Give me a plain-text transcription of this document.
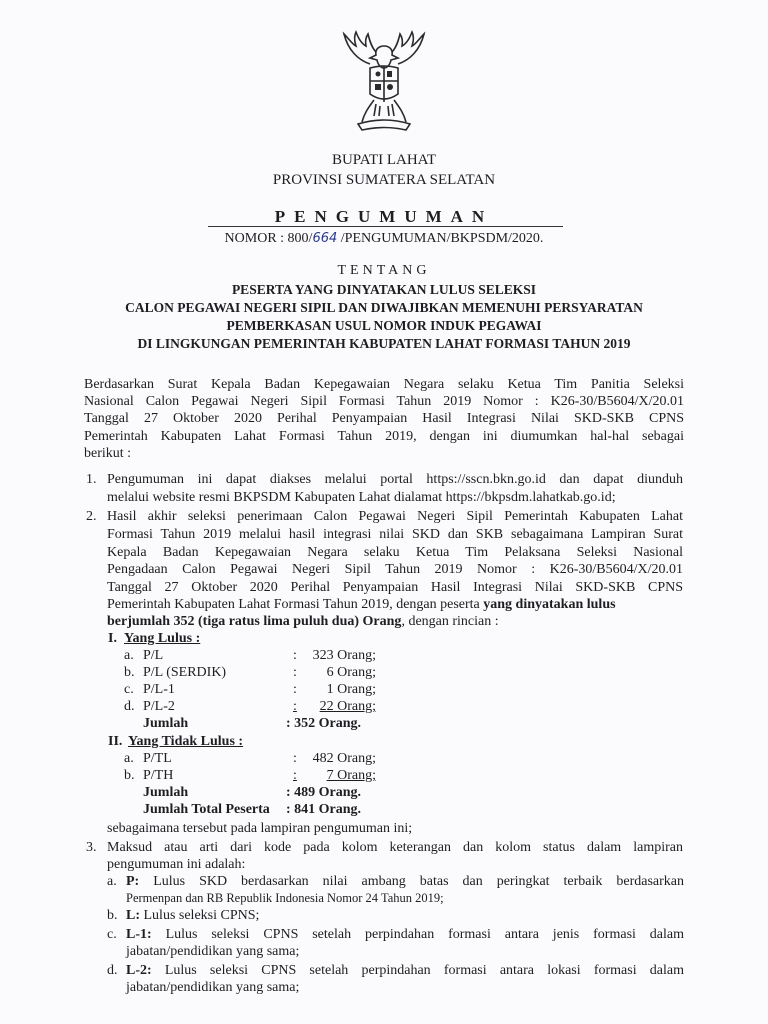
BUPATI LAHAT
PROVINSI SUMATERA SELATAN
PENGUMUMAN
NOMOR : 800/664 /PENGUMUMAN/BKPSDM/2020.
TENTANG
PESERTA YANG DINYATAKAN LULUS SELEKSI
CALON PEGAWAI NEGERI SIPIL DAN DIWAJIBKAN MEMENUHI PERSYARATAN
PEMBERKASAN USUL NOMOR INDUK PEGAWAI
DI LINGKUNGAN PEMERINTAH KABUPATEN LAHAT FORMASI TAHUN 2019
Berdasarkan Surat Kepala Badan Kepegawaian Negara selaku Ketua Tim Panitia Seleksi
Nasional Calon Pegawai Negeri Sipil Formasi Tahun 2019 Nomor : K26-30/B5604/X/20.01
Tanggal 27 Oktober 2020 Perihal Penyampaian Hasil Integrasi Nilai SKD-SKB CPNS
Pemerintah Kabupaten Lahat Formasi Tahun 2019, dengan ini diumumkan hal-hal sebagai
berikut :
1. Pengumuman ini dapat diakses melalui portal https://sscn.bkn.go.id dan dapat diunduh
melalui website resmi BKPSDM Kabupaten Lahat dialamat https://bkpsdm.lahatkab.go.id;
2. Hasil akhir seleksi penerimaan Calon Pegawai Negeri Sipil Pemerintah Kabupaten Lahat
Formasi Tahun 2019 melalui hasil integrasi nilai SKD dan SKB sebagaimana Lampiran Surat
Kepala Badan Kepegawaian Negara selaku Ketua Tim Pelaksana Seleksi Nasional
Pengadaan Calon Pegawai Negeri Sipil Tahun 2019 Nomor : K26-30/B5604/X/20.01
Tanggal 27 Oktober 2020 Perihal Penyampaian Hasil Integrasi Nilai SKD-SKB CPNS
Pemerintah Kabupaten Lahat Formasi Tahun 2019, dengan peserta yang dinyatakan lulus
berjumlah 352 (tiga ratus lima puluh dua) Orang, dengan rincian :
I. Yang Lulus :
a. P/L	:	323 Orang;
b. P/L (SERDIK)	:	6 Orang;
c. P/L-1	:	1 Orang;
d. P/L-2	:	22 Orang;
Jumlah	: 352 Orang.
II. Yang Tidak Lulus :
a. P/TL	:	482 Orang;
b. P/TH	:	7 Orang;
Jumlah	: 489 Orang.
Jumlah Total Peserta : 841 Orang.
sebagaimana tersebut pada lampiran pengumuman ini;
3. Maksud atau arti dari kode pada kolom keterangan dan kolom status dalam lampiran
pengumuman ini adalah:
a. P: Lulus SKD berdasarkan nilai ambang batas dan peringkat terbaik berdasarkan
Permenpan dan RB Republik Indonesia Nomor 24 Tahun 2019;
b. L: Lulus seleksi CPNS;
c. L-1: Lulus seleksi CPNS setelah perpindahan formasi antara jenis formasi dalam
jabatan/pendidikan yang sama;
d. L-2: Lulus seleksi CPNS setelah perpindahan formasi antara lokasi formasi dalam
jabatan/pendidikan yang sama;
